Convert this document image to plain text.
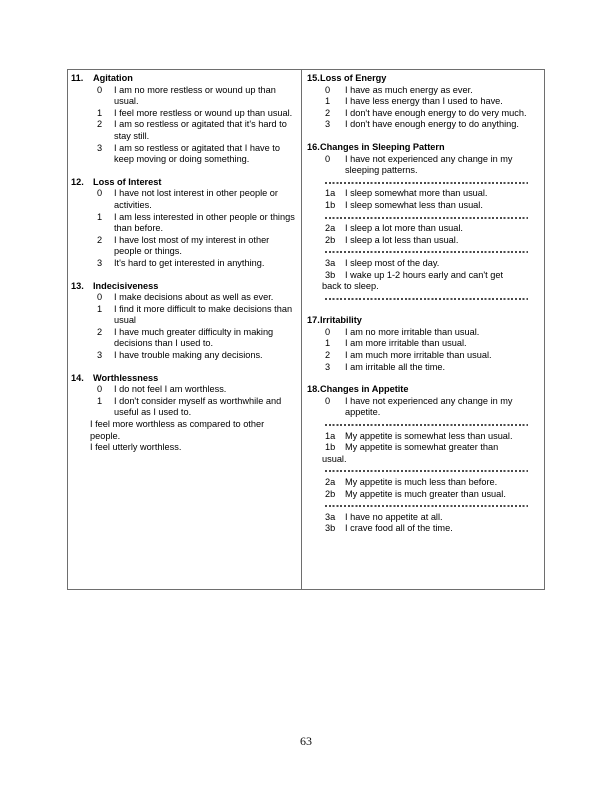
11.	Agitation
0	I am no more restless or wound up than usual.
1	I feel more restless or wound up than usual.
2	I am so restless or agitated that it's hard to stay still.
3	I am so restless or agitated that I have to keep moving or doing something.
12.	Loss of Interest
0	I have not lost interest in other people or activities.
1	I am less interested in other people or things than before.
2	I have lost most of my interest in other people or things.
3	It's hard to get interested in anything.
13.	Indecisiveness
0	I make decisions about as well as ever.
1	I find it more difficult to make decisions than usual
2	I have much greater difficulty in making decisions than I used to.
3	I have trouble making any decisions.
14.	Worthlessness
0	I do not feel I am worthless.
1	I don't consider myself as worthwhile and useful as I used to.
I feel more worthless as compared to other people.
I feel utterly worthless.
15. Loss of Energy
0	I have as much energy as ever.
1	I have less energy than I used to have.
2	I don't have enough energy to do very much.
3	I don't have enough energy to do anything.
16. Changes in Sleeping Pattern
0	I have not experienced any change in my sleeping patterns.
1a	I sleep somewhat more than usual.
1b	I sleep somewhat less than usual.
2a	I sleep a lot more than usual.
2b	I sleep a lot less than usual.
3a	I sleep most of the day.
3b	I wake up 1-2 hours early and can't get
back to sleep.
17. Irritability
0	I am no more irritable than usual.
1	I am more irritable than usual.
2	I am much more irritable than usual.
3	I am irritable all the time.
18. Changes in Appetite
0	I have not experienced any change in my appetite.
1a	My appetite is somewhat less than usual.
1b	My appetite is somewhat greater than
usual.
2a	My appetite is much less than before.
2b	My appetite is much greater than usual.
3a	I have no appetite at all.
3b	I crave food all of the time.
63
